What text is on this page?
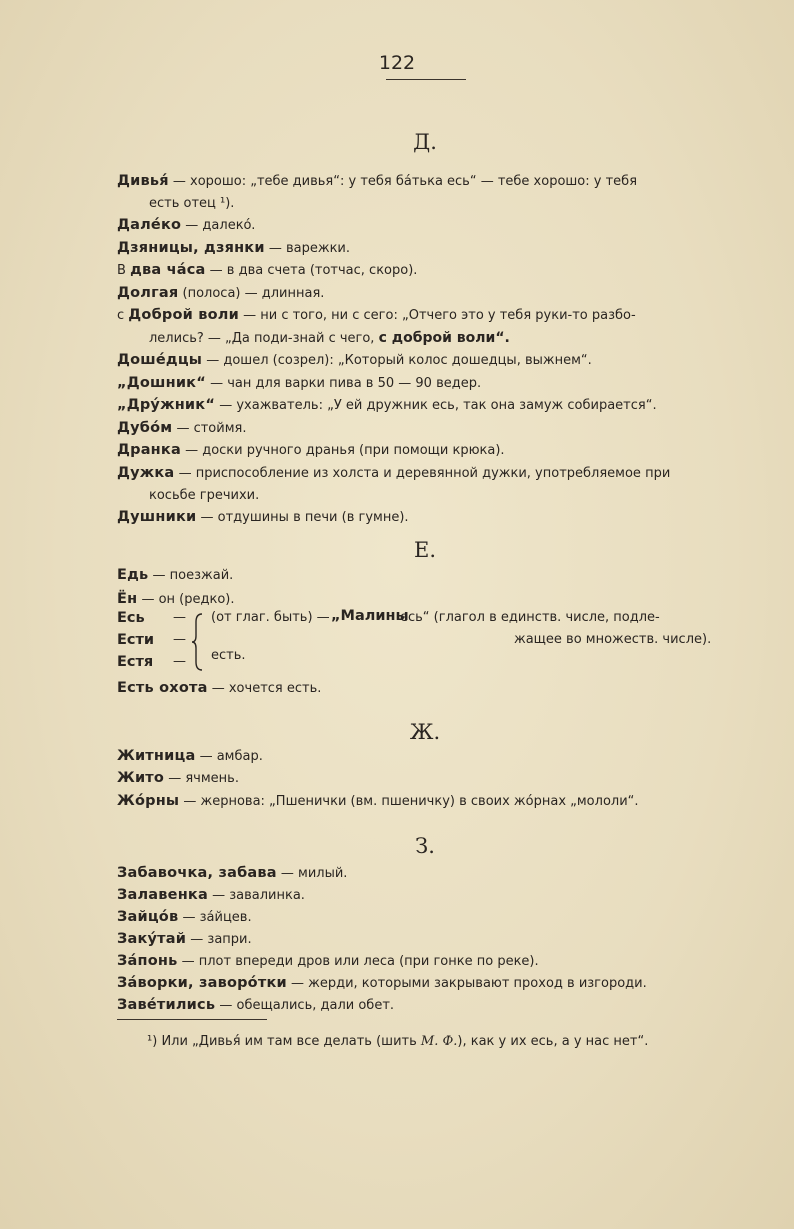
122
Д.
Дивья́ — хорошо: „тебе дивья“: у тебя ба́тька есь“ — тебе хорошо: у тебя
есть отец ¹).
Дале́ко — далекó.
Дзяницы, дзянки — варежки.
В два ча́са — в два счета (тотчас, скоро).
Долгая (полоса) — длинная.
с Доброй воли — ни с того, ни с сего: „Отчего это у тебя руки-то разбо-
лелись? — „Да поди-знай с чего, с доброй воли“.
Доше́дцы — дошел (созрел): „Который колос дошедцы, выжнем“.
„Дошник“ — чан для варки пива в 50 — 90 ведер.
„Дру́жник“ — ухажватель: „У ей дружник есь, так она замуж собирается“.
Дубо́м — стоймя.
Дранка — доски ручного дранья (при помощи крюка).
Дужка — приспособление из холста и деревянной дужки, употребляемое при
косьбе гречихи.
Душники — отдушины в печи (в гумне).
Е.
Едь — поезжай.
Ён — он (редко).
Есь —
Ести —
Естя —
(от глаг. быть) — „Малины
есь“ (глагол в единств. числе, подле-
жащее во множеств. числе).
есть.
Есть охота — хочется есть.
Ж.
Житница — амбар.
Жито — ячмень.
Жо́рны — жернова: „Пшенички (вм. пшеничку) в своих жóрнах „мололи“.
З.
Забавочка, забава — милый.
Залавенка — завалинка.
Зайцо́в — за́йцев.
Заку́тай — запри.
За́понь — плот впереди дров или леса (при гонке по реке).
За́ворки, заворо́тки — жерди, которыми закрывают проход в изгороди.
Заве́тились — обещались, дали обет.
¹) Или „Дивья́ им там все делать (шить М. Ф.), как у их есь, а у нас нет“.
